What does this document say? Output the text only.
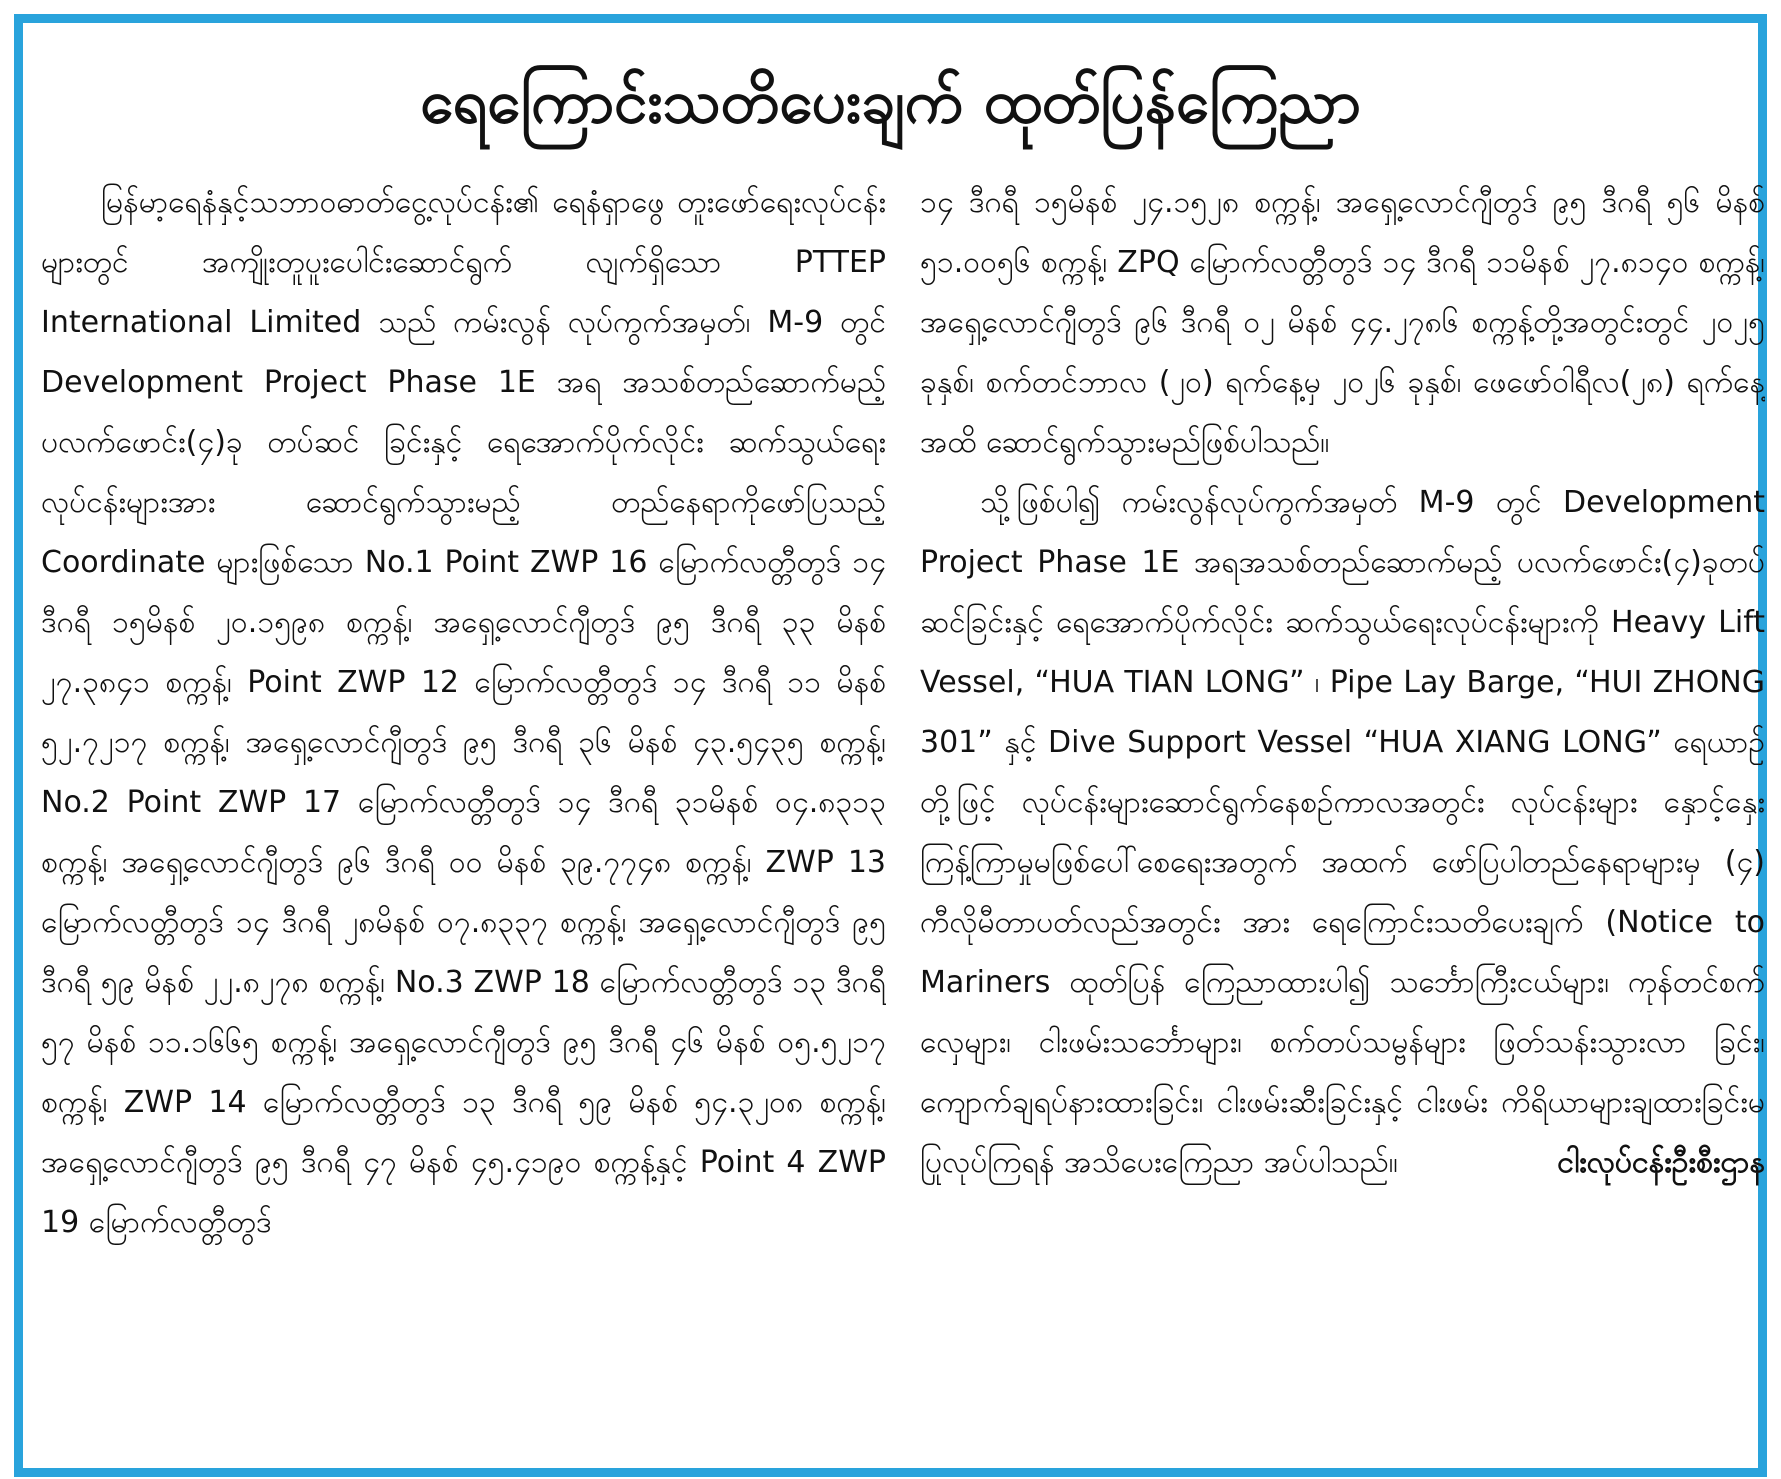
ရေကြောင်းသတိပေးချက် ထုတ်ပြန်ကြေညာ

မြန်မာ့ရေနံနှင့်သဘာဝဓာတ်ငွေ့လုပ်ငန်း၏ ရေနံရှာဖွေ တူးဖော်ရေးလုပ်ငန်းများတွင် အကျိုးတူပူးပေါင်းဆောင်ရွက် လျက်ရှိသော PTTEP International Limited သည် ကမ်းလွန် လုပ်ကွက်အမှတ်၊ M-9 တွင် Development Project Phase 1E အရ အသစ်တည်ဆောက်မည့် ပလက်ဖောင်း(၄)ခု တပ်ဆင် ခြင်းနှင့် ရေအောက်ပိုက်လိုင်း ဆက်သွယ်ရေးလုပ်ငန်းများအား ဆောင်ရွက်သွားမည့် တည်နေရာကိုဖော်ပြသည့် Coordinate များဖြစ်သော No.1 Point ZWP 16 မြောက်လတ္တီတွဒ် ၁၄ ဒီဂရီ ၁၅မိနစ် ၂၀.၁၅၉၈ စက္ကန့်၊ အရှေ့လောင်ဂျီတွဒ် ၉၅ ဒီဂရီ ၃၃ မိနစ် ၂၇.၃၈၄၁ စက္ကန့်၊ Point ZWP 12 မြောက်လတ္တီတွဒ် ၁၄ ဒီဂရီ ၁၁ မိနစ် ၅၂.၇၂၁၇ စက္ကန့်၊ အရှေ့လောင်ဂျီတွဒ် ၉၅ ဒီဂရီ ၃၆ မိနစ် ၄၃.၅၄၃၅ စက္ကန့်၊ No.2 Point ZWP 17 မြောက်လတ္တီတွဒ် ၁၄ ဒီဂရီ ၃၁မိနစ် ၀၄.၈၃၁၃ စက္ကန့်၊ အရှေ့လောင်ဂျီတွဒ် ၉၆ ဒီဂရီ ၀၀ မိနစ် ၃၉.၇၇၄၈ စက္ကန့်၊ ZWP 13 မြောက်လတ္တီတွဒ် ၁၄ ဒီဂရီ ၂၈မိနစ် ၀၇.၈၃၃၇ စက္ကန့်၊ အရှေ့လောင်ဂျီတွဒ် ၉၅ ဒီဂရီ ၅၉ မိနစ် ၂၂.၈၂၇၈ စက္ကန့်၊ No.3 ZWP 18 မြောက်လတ္တီတွဒ် ၁၃ ဒီဂရီ ၅၇ မိနစ် ၁၁.၁၆၆၅ စက္ကန့်၊ အရှေ့လောင်ဂျီတွဒ် ၉၅ ဒီဂရီ ၄၆ မိနစ် ၀၅.၅၂၁၇ စက္ကန့်၊ ZWP 14 မြောက်လတ္တီတွဒ် ၁၃ ဒီဂရီ ၅၉ မိနစ် ၅၄.၃၂၀၈ စက္ကန့်၊ အရှေ့လောင်ဂျီတွဒ် ၉၅ ဒီဂရီ ၄၇ မိနစ် ၄၅.၄၁၉၀ စက္ကန့်နှင့် Point 4 ZWP 19 မြောက်လတ္တီတွဒ်

၁၄ ဒီဂရီ ၁၅မိနစ် ၂၄.၁၅၂၈ စက္ကန့်၊ အရှေ့လောင်ဂျီတွဒ် ၉၅ ဒီဂရီ ၅၆ မိနစ် ၅၁.၀၀၅၆ စက္ကန့်၊ ZPQ မြောက်လတ္တီတွဒ် ၁၄ ဒီဂရီ ၁၁မိနစ် ၂၇.၈၁၄၀ စက္ကန့်၊ အရှေ့လောင်ဂျီတွဒ် ၉၆ ဒီဂရီ ၀၂ မိနစ် ၄၄.၂၇၈၆ စက္ကန့်တို့အတွင်းတွင် ၂၀၂၅ ခုနှစ်၊ စက်တင်ဘာလ (၂၀) ရက်နေ့မှ ၂၀၂၆ ခုနှစ်၊ ဖေဖော်ဝါရီလ(၂၈) ရက်နေ့အထိ ဆောင်ရွက်သွားမည်ဖြစ်ပါသည်။

သို့ဖြစ်ပါ၍ ကမ်းလွန်လုပ်ကွက်အမှတ် M-9 တွင် Development Project Phase 1E အရအသစ်တည်ဆောက်မည့် ပလက်ဖောင်း(၄)ခုတပ်ဆင်ခြင်းနှင့် ရေအောက်ပိုက်လိုင်း ဆက်သွယ်ရေးလုပ်ငန်းများကို Heavy Lift Vessel, “HUA TIAN LONG” ၊ Pipe Lay Barge, “HUI ZHONG 301” နှင့် Dive Support Vessel “HUA XIANG LONG” ရေယာဉ်တို့ဖြင့် လုပ်ငန်းများဆောင်ရွက်နေစဉ်ကာလအတွင်း လုပ်ငန်းများ နှောင့်နှေးကြန့်ကြာမှုမဖြစ်ပေါ်စေရေးအတွက် အထက် ဖော်ပြပါတည်နေရာများမှ (၄) ကီလိုမီတာပတ်လည်အတွင်း အား ရေကြောင်းသတိပေးချက် (Notice to Mariners ထုတ်ပြန် ကြေညာထားပါ၍ သင်္ဘောကြီးငယ်များ၊ ကုန်တင်စက်လှေများ၊ ငါးဖမ်းသင်္ဘောများ၊ စက်တပ်သမ္ဗန်များ ဖြတ်သန်းသွားလာ ခြင်း၊ ကျောက်ချရပ်နားထားခြင်း၊ ငါးဖမ်းဆီးခြင်းနှင့် ငါးဖမ်း ကိရိယာများချထားခြင်းမပြုလုပ်ကြရန် အသိပေးကြေညာ အပ်ပါသည်။	ငါးလုပ်ငန်းဦးစီးဌာန
